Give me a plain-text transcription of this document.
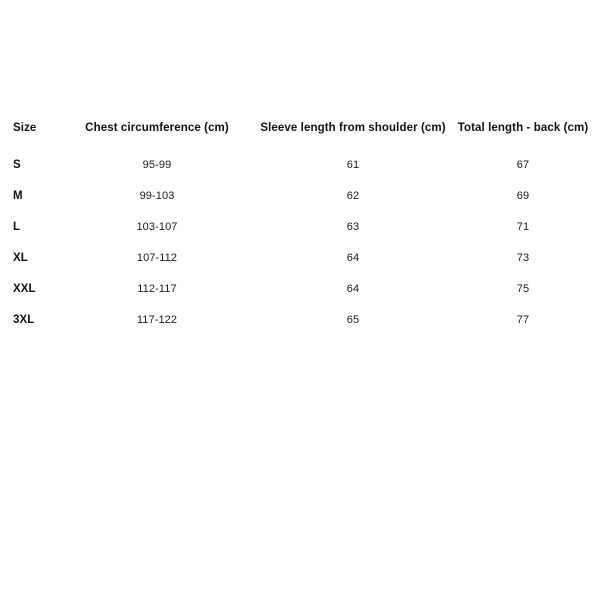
Size	Chest circumference (cm)	Sleeve length from shoulder (cm)	Total length - back (cm)
S	95-99	61	67
M	99-103	62	69
L	103-107	63	71
XL	107-112	64	73
XXL	112-117	64	75
3XL	117-122	65	77
